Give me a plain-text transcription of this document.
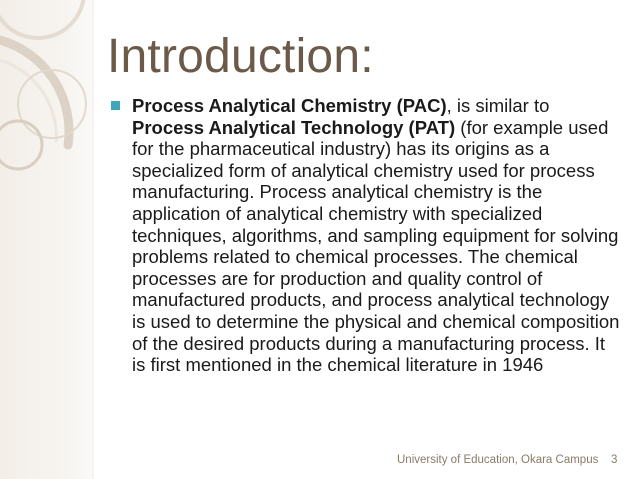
Introduction:

Process Analytical Chemistry (PAC), is similar to Process Analytical Technology (PAT) (for example used for the pharmaceutical industry) has its origins as a specialized form of analytical chemistry used for process manufacturing. Process analytical chemistry is the application of analytical chemistry with specialized techniques, algorithms, and sampling equipment for solving problems related to chemical processes. The chemical processes are for production and quality control of manufactured products, and process analytical technology is used to determine the physical and chemical composition of the desired products during a manufacturing process. It is first mentioned in the chemical literature in 1946

University of Education, Okara Campus 3
